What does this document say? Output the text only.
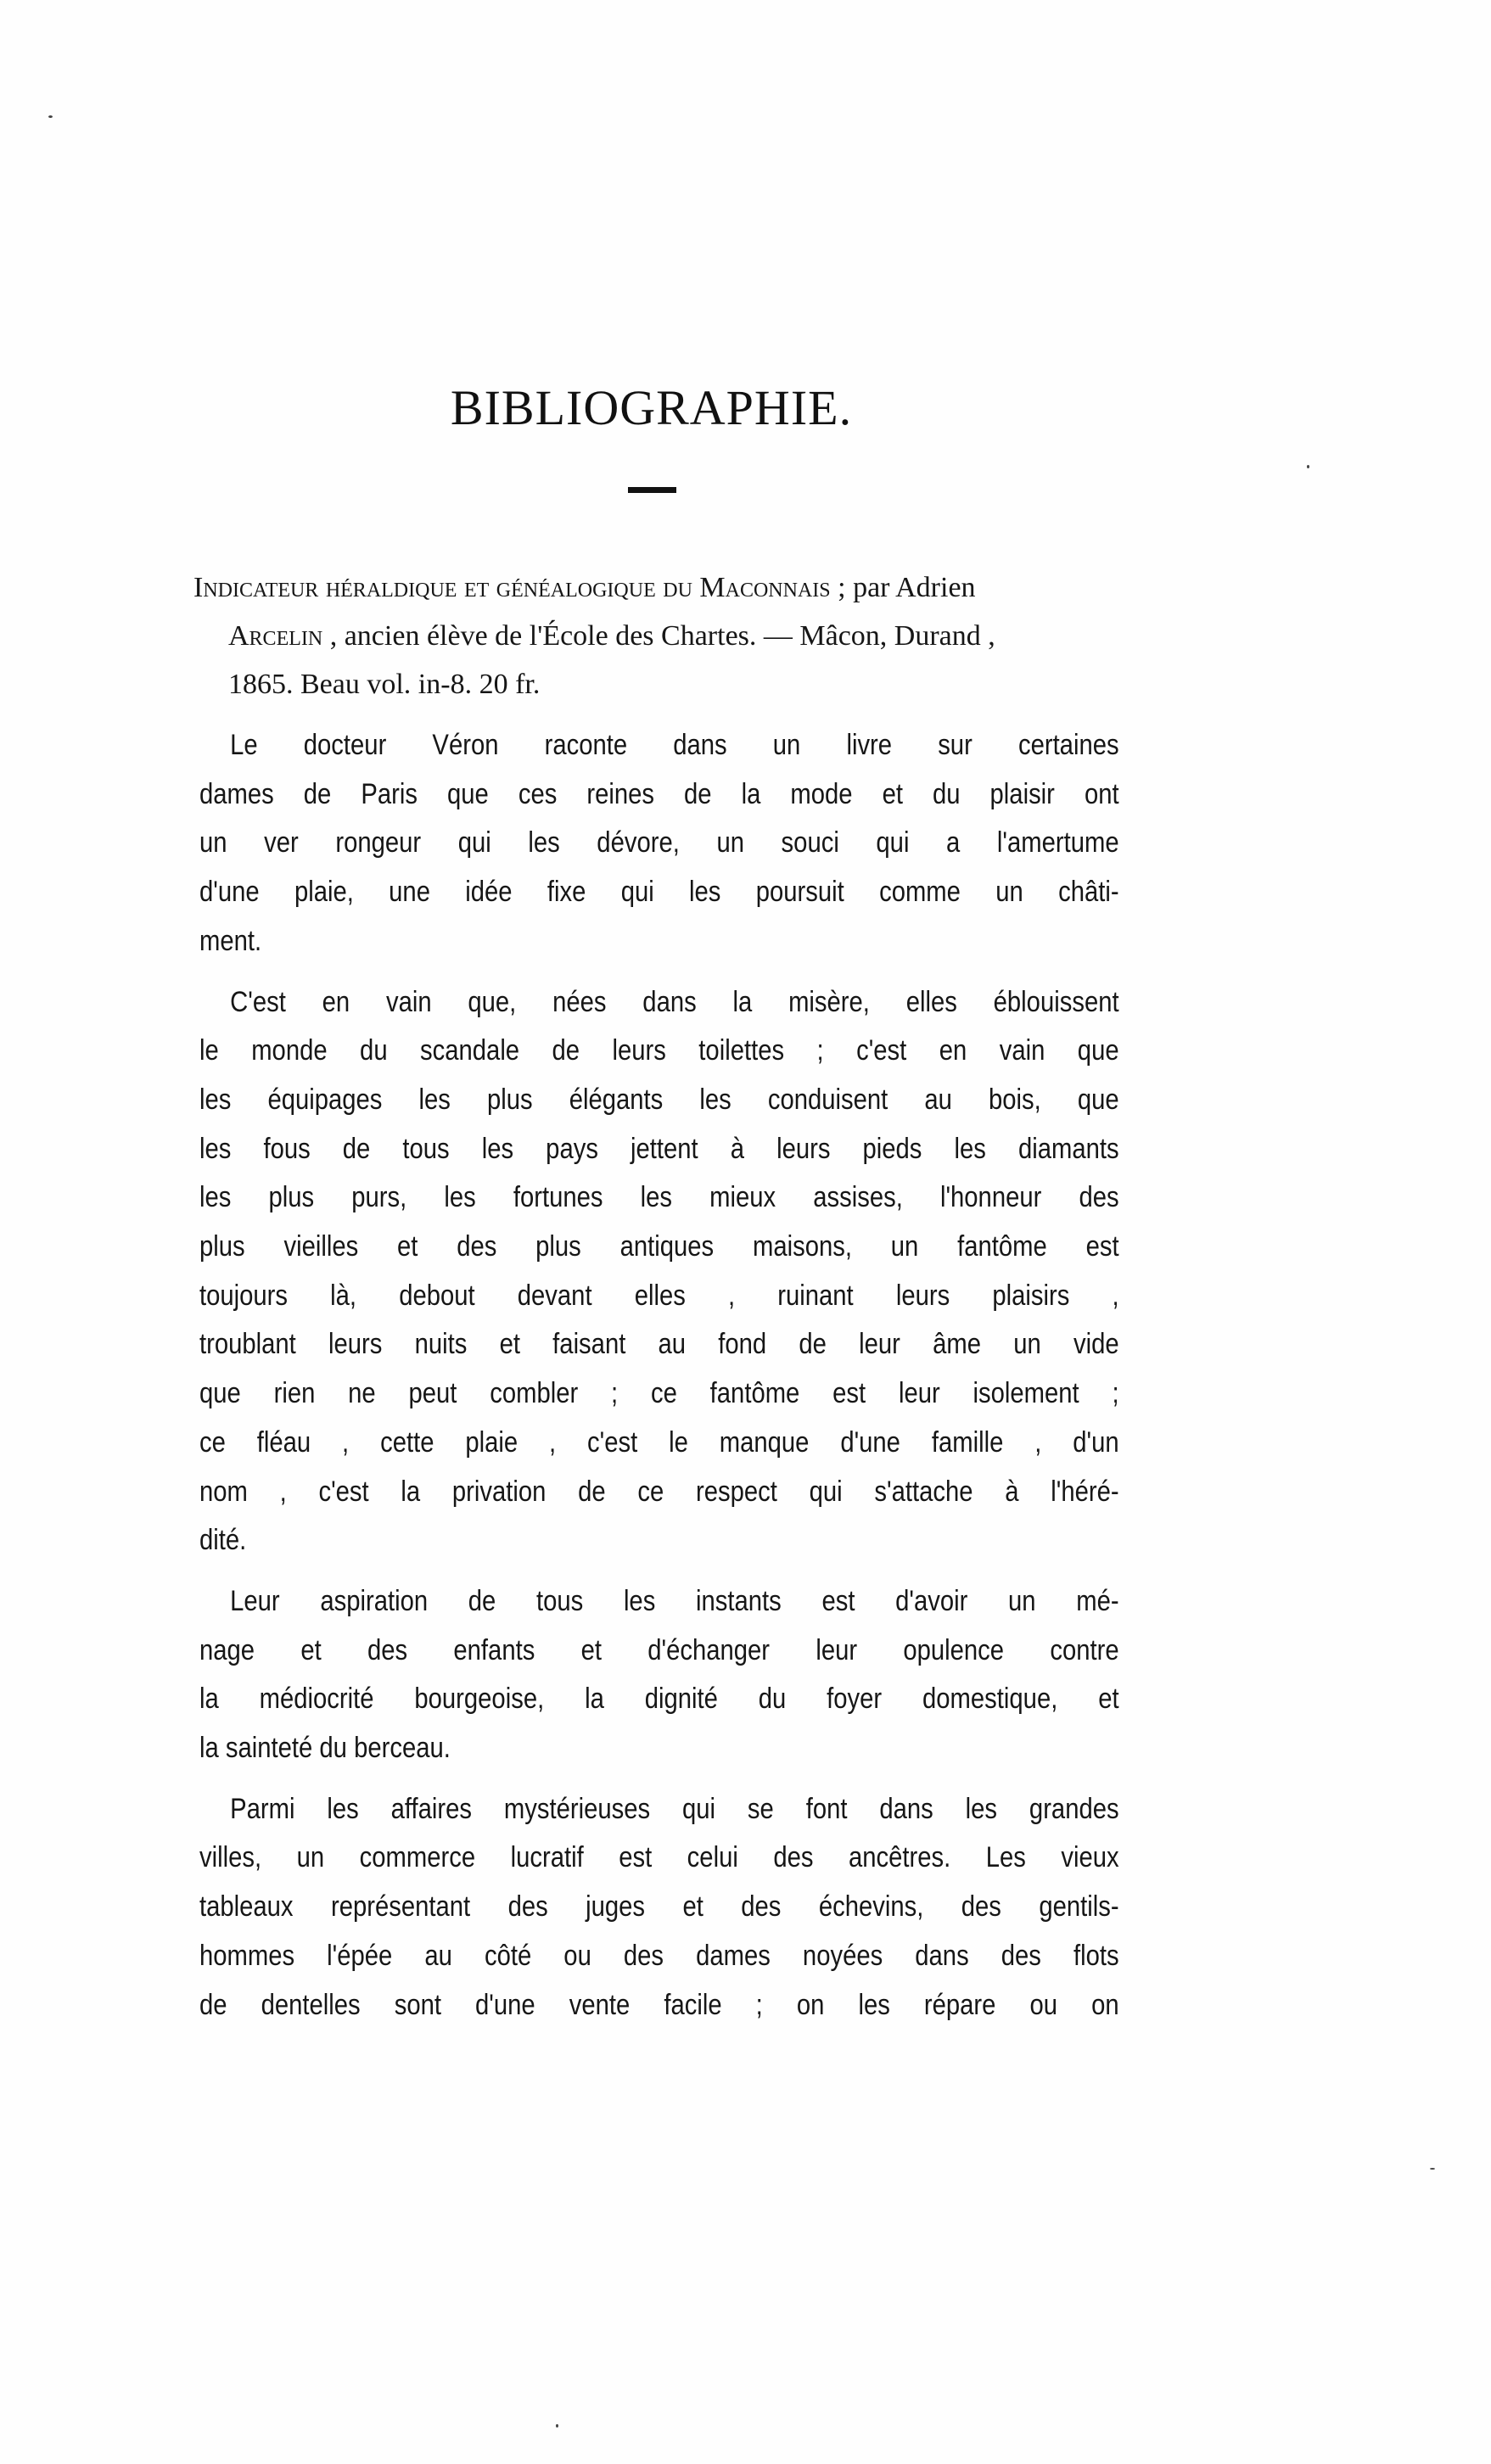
BIBLIOGRAPHIE.
Indicateur héraldique et généalogique du Maconnais ; par Adrien
Arcelin , ancien élève de l'École des Chartes. — Mâcon, Durand ,
1865. Beau vol. in-8. 20 fr.
Le docteur Véron raconte dans un livre sur certaines
dames de Paris que ces reines de la mode et du plaisir ont
un ver rongeur qui les dévore, un souci qui a l'amertume
d'une plaie, une idée fixe qui les poursuit comme un châti-
ment.
C'est en vain que, nées dans la misère, elles éblouissent
le monde du scandale de leurs toilettes ; c'est en vain que
les équipages les plus élégants les conduisent au bois, que
les fous de tous les pays jettent à leurs pieds les diamants
les plus purs, les fortunes les mieux assises, l'honneur des
plus vieilles et des plus antiques maisons, un fantôme est
toujours là, debout devant elles , ruinant leurs plaisirs ,
troublant leurs nuits et faisant au fond de leur âme un vide
que rien ne peut combler ; ce fantôme est leur isolement ;
ce fléau , cette plaie , c'est le manque d'une famille , d'un
nom , c'est la privation de ce respect qui s'attache à l'héré-
dité.
Leur aspiration de tous les instants est d'avoir un mé-
nage et des enfants et d'échanger leur opulence contre
la médiocrité bourgeoise, la dignité du foyer domestique, et
la sainteté du berceau.
Parmi les affaires mystérieuses qui se font dans les grandes
villes, un commerce lucratif est celui des ancêtres. Les vieux
tableaux représentant des juges et des échevins, des gentils-
hommes l'épée au côté ou des dames noyées dans des flots
de dentelles sont d'une vente facile ; on les répare ou on
